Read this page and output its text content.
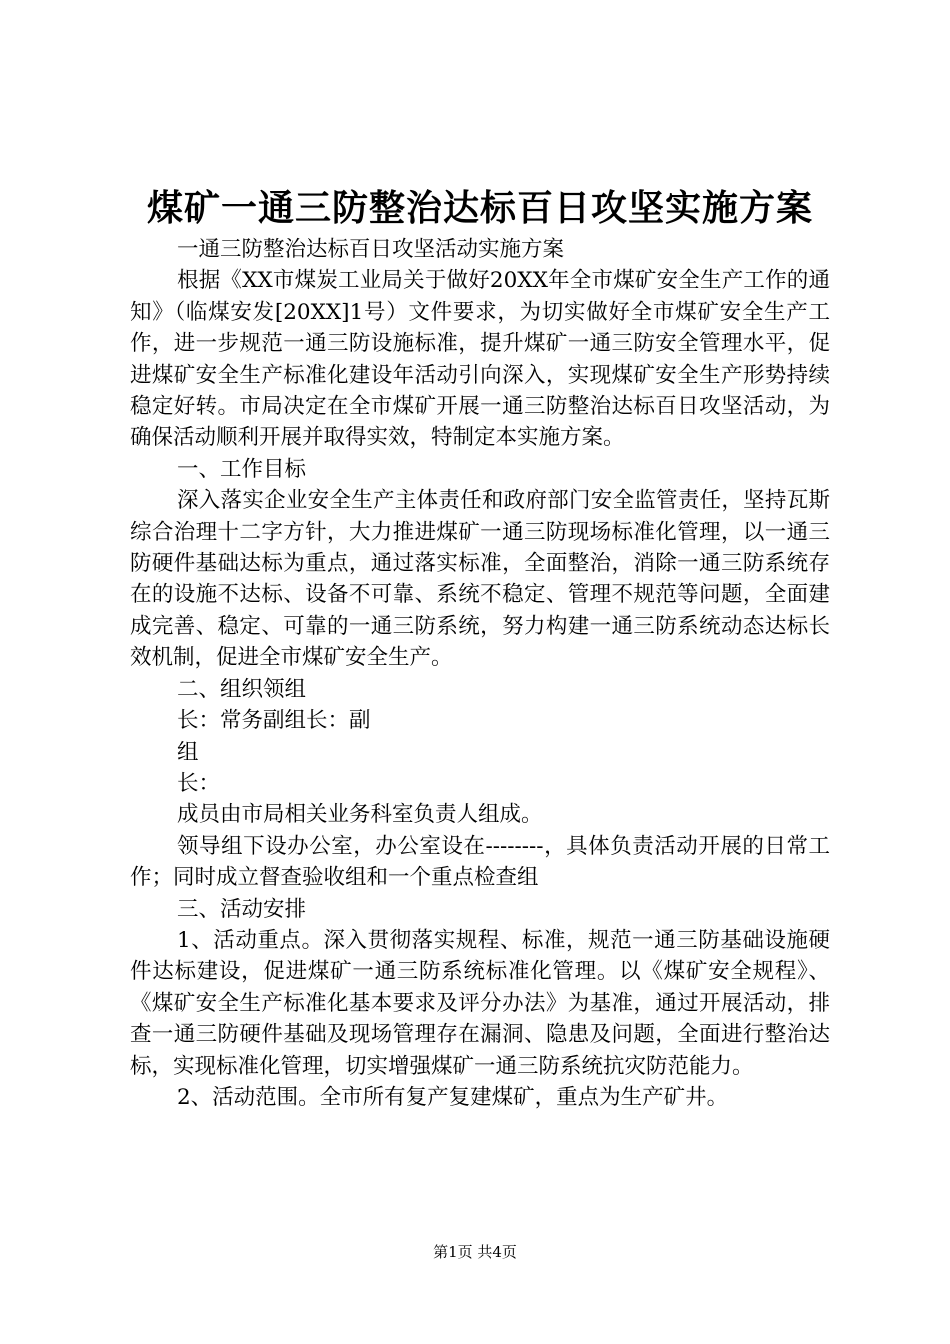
煤矿一通三防整治达标百日攻坚实施方案

一通三防整治达标百日攻坚活动实施方案

根据《XX市煤炭工业局关于做好20XX年全市煤矿安全生产工作的通知》（临煤安发[20XX]1号）文件要求，为切实做好全市煤矿安全生产工作，进一步规范一通三防设施标准，提升煤矿一通三防安全管理水平，促进煤矿安全生产标准化建设年活动引向深入，实现煤矿安全生产形势持续稳定好转。市局决定在全市煤矿开展一通三防整治达标百日攻坚活动，为确保活动顺利开展并取得实效，特制定本实施方案。

一、工作目标

深入落实企业安全生产主体责任和政府部门安全监管责任，坚持瓦斯综合治理十二字方针，大力推进煤矿一通三防现场标准化管理，以一通三防硬件基础达标为重点，通过落实标准，全面整治，消除一通三防系统存在的设施不达标、设备不可靠、系统不稳定、管理不规范等问题，全面建成完善、稳定、可靠的一通三防系统，努力构建一通三防系统动态达标长效机制，促进全市煤矿安全生产。

二、组织领组

长：常务副组长：副

组

长：

成员由市局相关业务科室负责人组成。

领导组下设办公室，办公室设在--------，具体负责活动开展的日常工作；同时成立督查验收组和一个重点检查组

三、活动安排

1、活动重点。深入贯彻落实规程、标准，规范一通三防基础设施硬件达标建设，促进煤矿一通三防系统标准化管理。以《煤矿安全规程》、《煤矿安全生产标准化基本要求及评分办法》为基准，通过开展活动，排查一通三防硬件基础及现场管理存在漏洞、隐患及问题，全面进行整治达标，实现标准化管理，切实增强煤矿一通三防系统抗灾防范能力。

2、活动范围。全市所有复产复建煤矿，重点为生产矿井。

第1页 共4页
